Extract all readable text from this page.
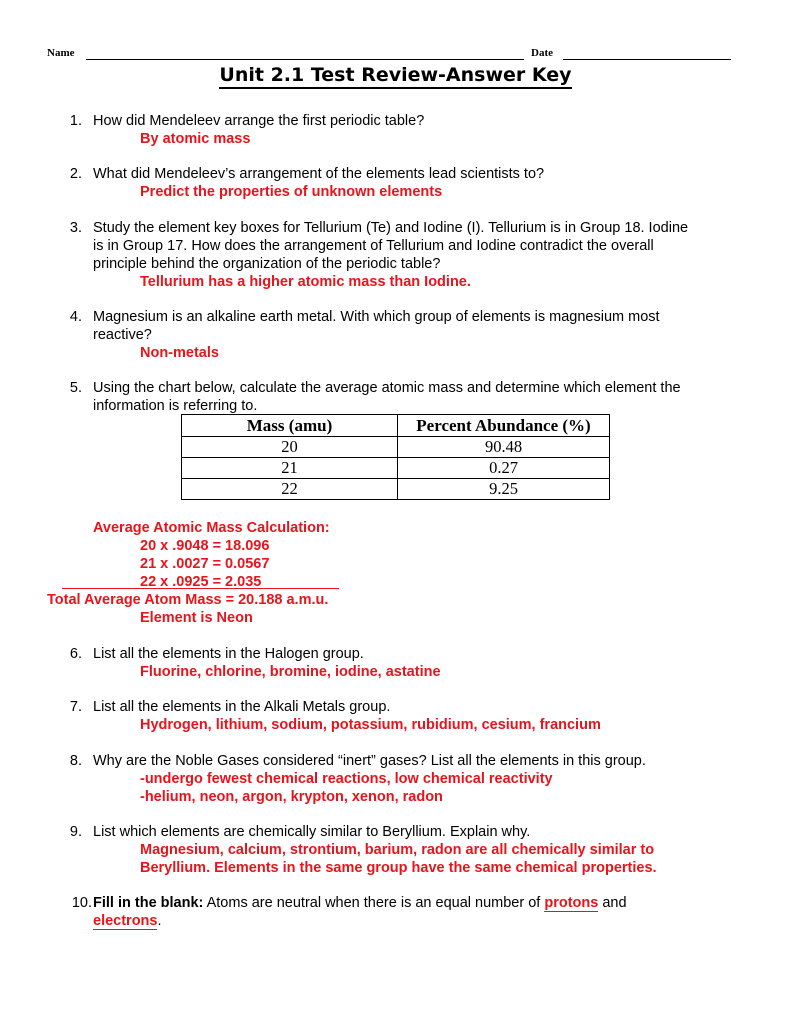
Name	Date
Unit 2.1 Test Review-Answer Key
1. How did Mendeleev arrange the first periodic table?
By atomic mass
2. What did Mendeleev’s arrangement of the elements lead scientists to?
Predict the properties of unknown elements
3. Study the element key boxes for Tellurium (Te) and Iodine (I). Tellurium is in Group 18. Iodine
is in Group 17. How does the arrangement of Tellurium and Iodine contradict the overall
principle behind the organization of the periodic table?
Tellurium has a higher atomic mass than Iodine.
4. Magnesium is an alkaline earth metal. With which group of elements is magnesium most
reactive?
Non-metals
5. Using the chart below, calculate the average atomic mass and determine which element the
information is referring to.
Mass (amu)	Percent Abundance (%)
20	90.48
21	0.27
22	9.25
Average Atomic Mass Calculation:
20 x .9048 = 18.096
21 x .0027 = 0.0567
22 x .0925 = 2.035
Total Average Atom Mass = 20.188 a.m.u.
Element is Neon
6. List all the elements in the Halogen group.
Fluorine, chlorine, bromine, iodine, astatine
7. List all the elements in the Alkali Metals group.
Hydrogen, lithium, sodium, potassium, rubidium, cesium, francium
8. Why are the Noble Gases considered “inert” gases? List all the elements in this group.
-undergo fewest chemical reactions, low chemical reactivity
-helium, neon, argon, krypton, xenon, radon
9. List which elements are chemically similar to Beryllium. Explain why.
Magnesium, calcium, strontium, barium, radon are all chemically similar to
Beryllium. Elements in the same group have the same chemical properties.
10. Fill in the blank: Atoms are neutral when there is an equal number of protons and
electrons.
